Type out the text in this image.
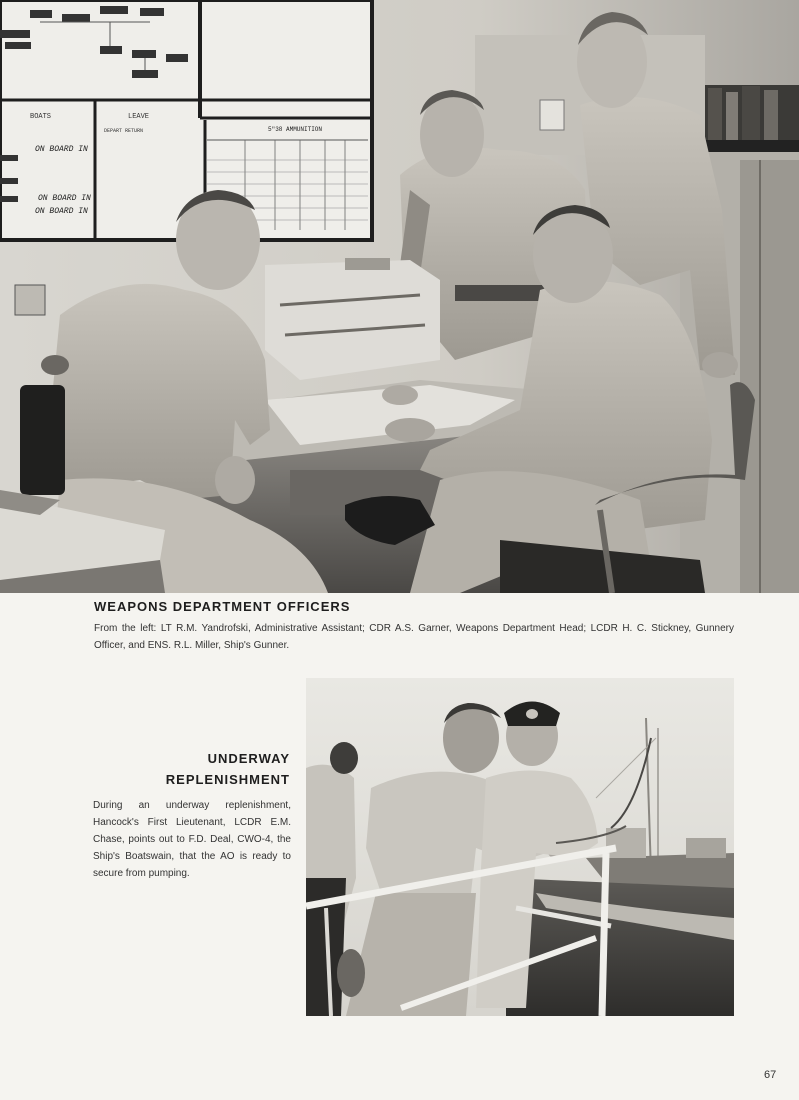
BOATS	LEAVE
DEPART RETURN
ON BOARD IN
ON BOARD IN
ON BOARD IN
5"38 AMMUNITION
WEAPONS DEPARTMENT OFFICERS
From the left: LT R.M. Yandrofski, Administrative Assistant; CDR A.S. Garner, Weapons Department Head; LCDR H. C. Stickney, Gunnery Officer, and ENS. R.L. Miller, Ship's Gunner.
UNDERWAY
REPLENISHMENT
During an underway replenishment, Hancock's First Lieutenant, LCDR E.M. Chase, points out to F.D. Deal, CWO-4, the Ship's Boatswain, that the AO is ready to secure from pumping.
67
